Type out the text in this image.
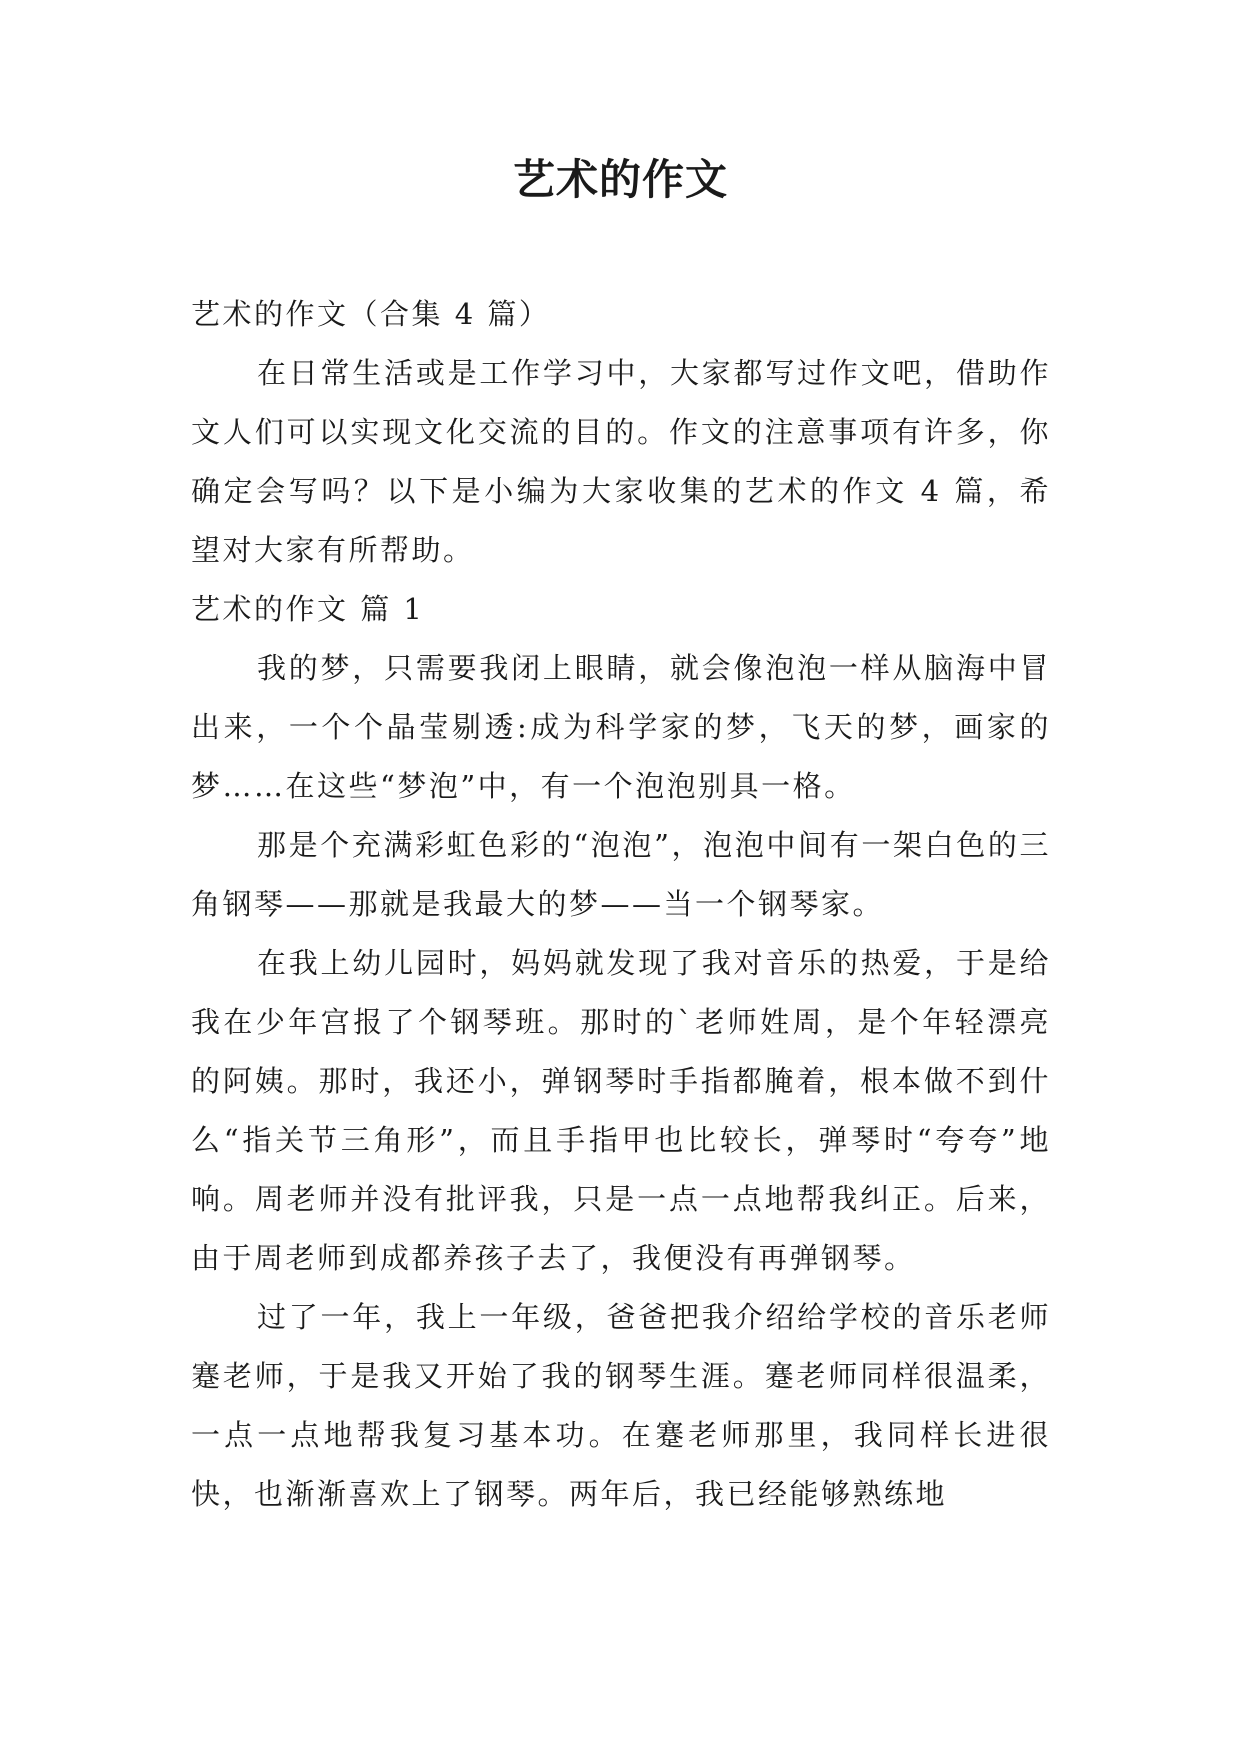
艺术的作文

艺术的作文（合集 4 篇）

在日常生活或是工作学习中，大家都写过作文吧，借助作文人们可以实现文化交流的目的。作文的注意事项有许多，你确定会写吗？以下是小编为大家收集的艺术的作文 4 篇，希望对大家有所帮助。

艺术的作文 篇 1

我的梦，只需要我闭上眼睛，就会像泡泡一样从脑海中冒出来，一个个晶莹剔透:成为科学家的梦，飞天的梦，画家的梦……在这些“梦泡”中，有一个泡泡别具一格。

那是个充满彩虹色彩的“泡泡”，泡泡中间有一架白色的三角钢琴——那就是我最大的梦——当一个钢琴家。

在我上幼儿园时，妈妈就发现了我对音乐的热爱，于是给我在少年宫报了个钢琴班。那时的`老师姓周，是个年轻漂亮的阿姨。那时，我还小，弹钢琴时手指都腌着，根本做不到什么“指关节三角形”，而且手指甲也比较长，弹琴时“夸夸”地响。周老师并没有批评我，只是一点一点地帮我纠正。后来，由于周老师到成都养孩子去了，我便没有再弹钢琴。

过了一年，我上一年级，爸爸把我介绍给学校的音乐老师蹇老师，于是我又开始了我的钢琴生涯。蹇老师同样很温柔，一点一点地帮我复习基本功。在蹇老师那里，我同样长进很快，也渐渐喜欢上了钢琴。两年后，我已经能够熟练地
